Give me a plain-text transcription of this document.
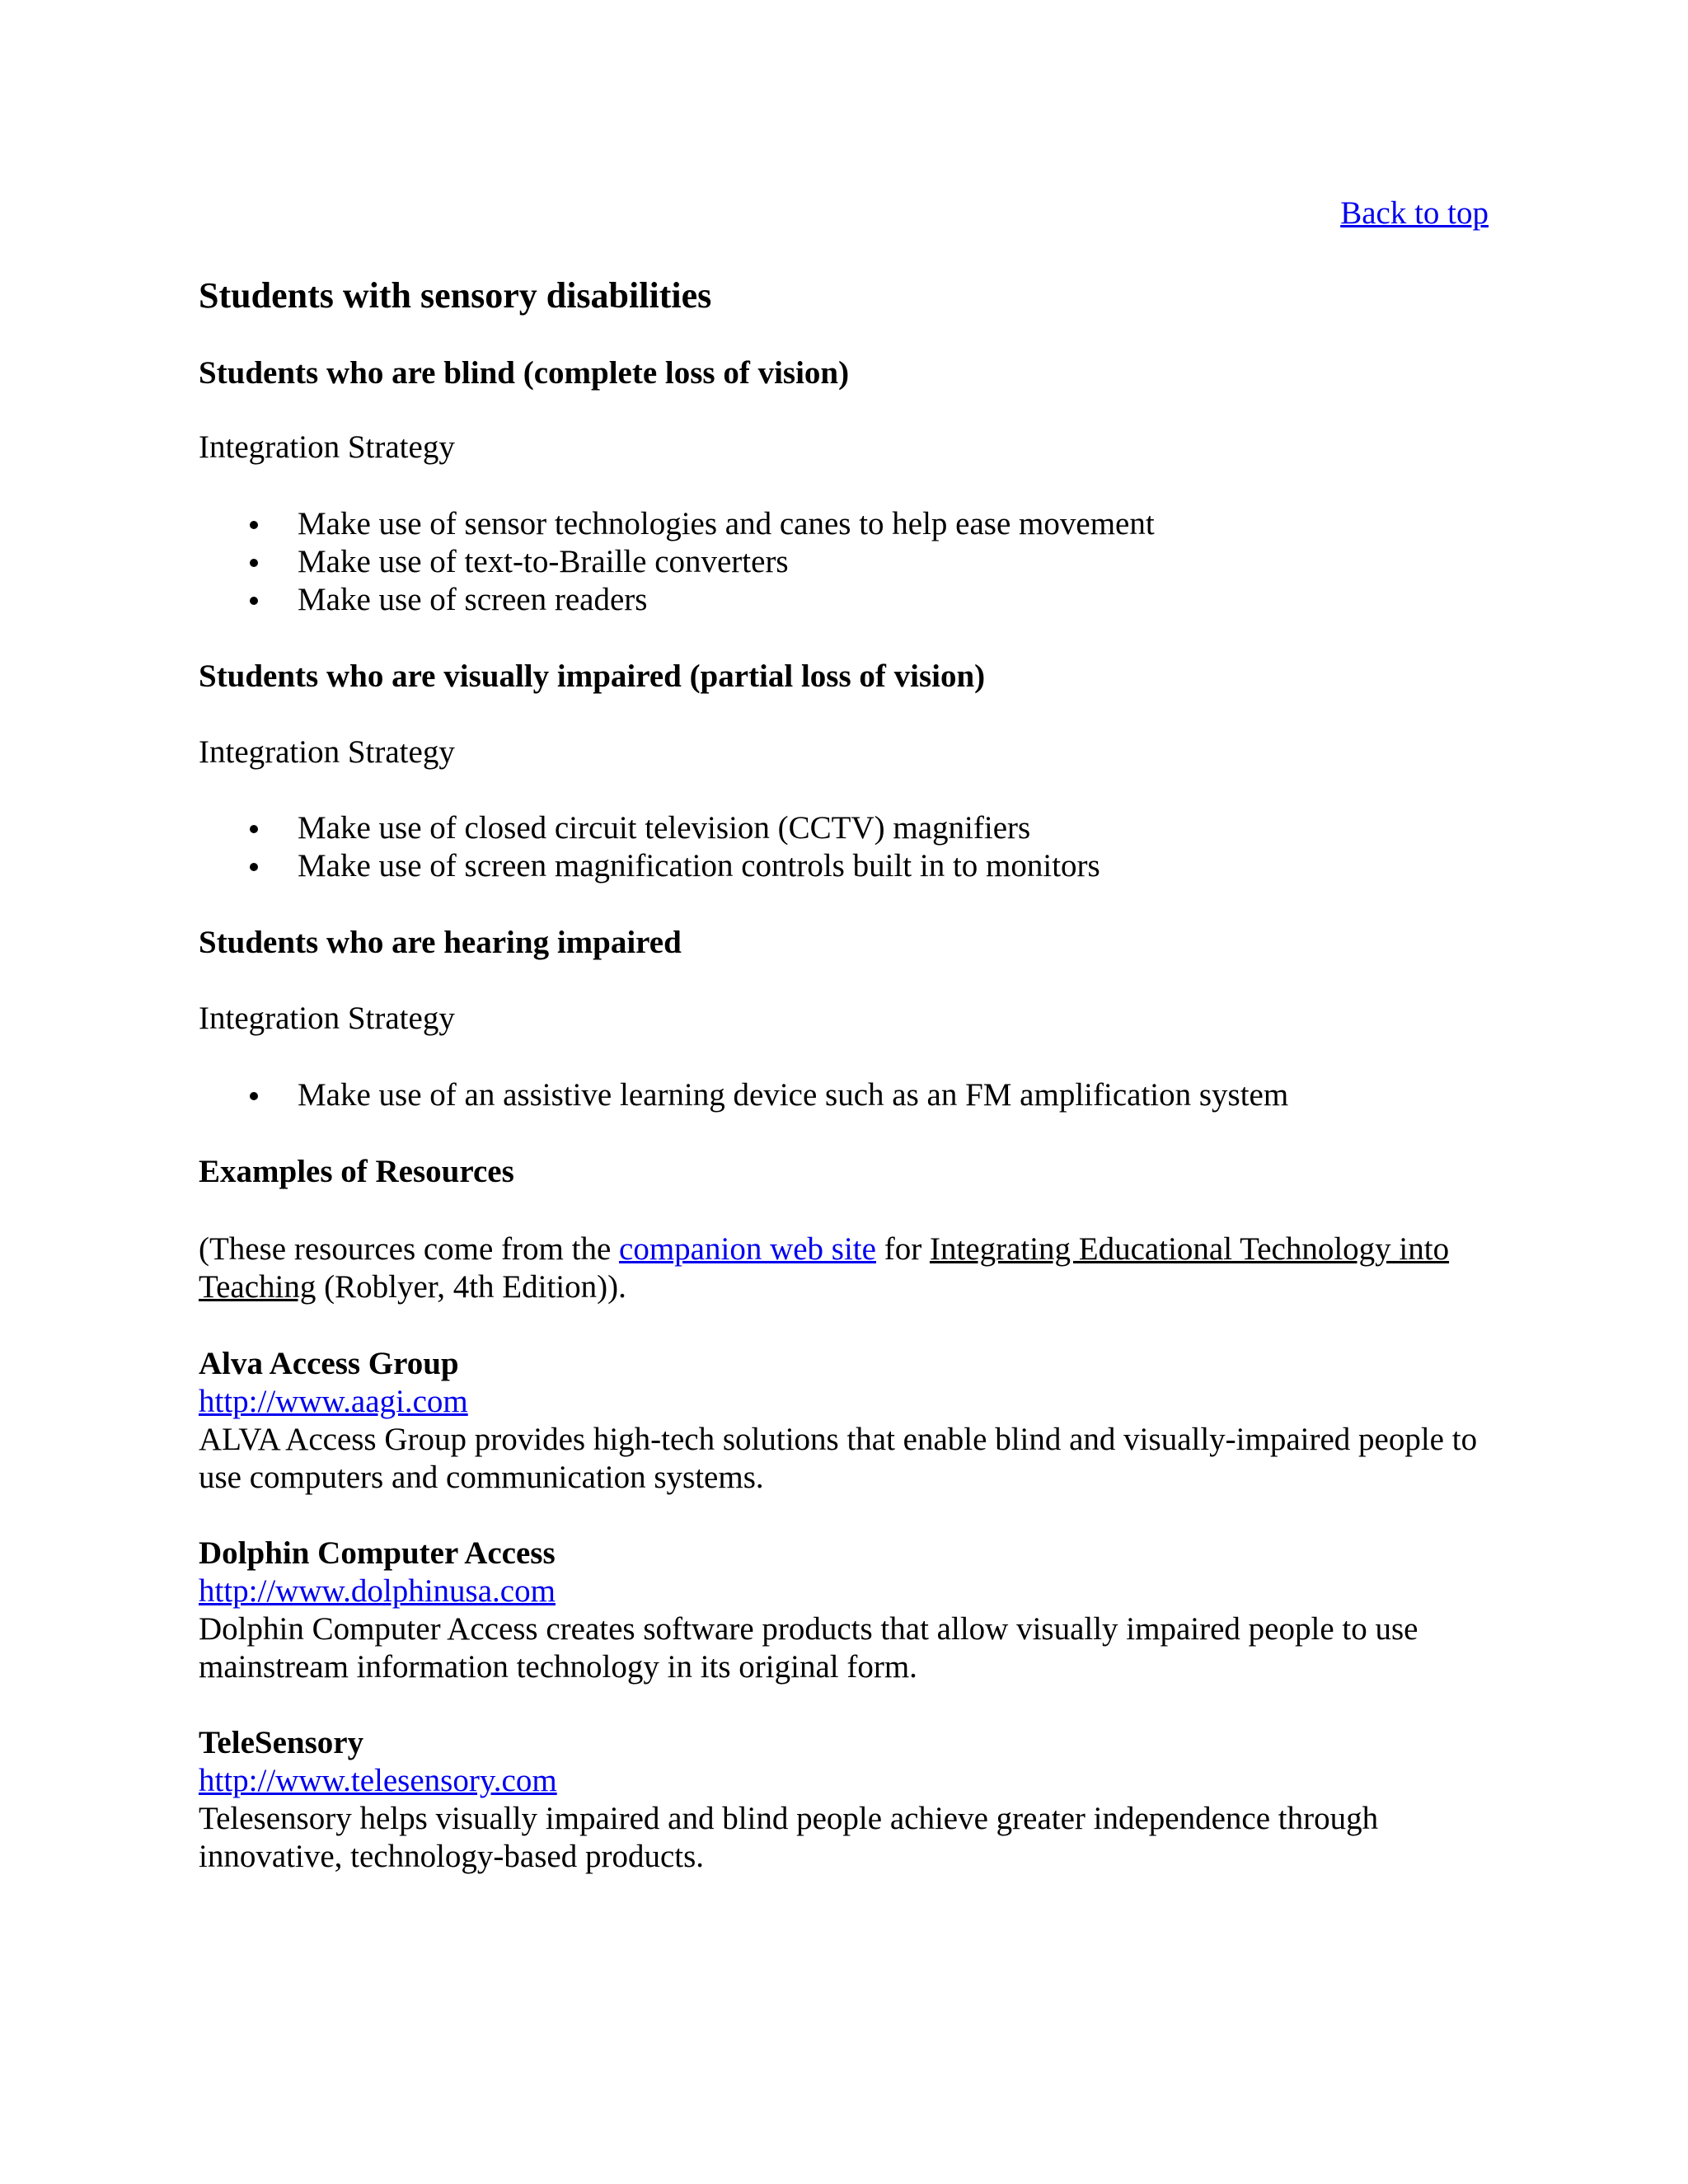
Back to top
Students with sensory disabilities
Students who are blind (complete loss of vision)

Integration Strategy

Make use of sensor technologies and canes to help ease movement
Make use of text-to-Braille converters
Make use of screen readers
Students who are visually impaired (partial loss of vision)

Integration Strategy

Make use of closed circuit television (CCTV) magnifiers
Make use of screen magnification controls built in to monitors
Students who are hearing impaired

Integration Strategy

Make use of an assistive learning device such as an FM amplification system
Examples of Resources

(These resources come from the companion web site for Integrating Educational Technology into Teaching (Roblyer, 4th Edition)).

Alva Access Group
http://www.aagi.com
ALVA Access Group provides high-tech solutions that enable blind and visually-impaired people to use computers and communication systems.
Dolphin Computer Access
http://www.dolphinusa.com
Dolphin Computer Access creates software products that allow visually impaired people to use mainstream information technology in its original form.
TeleSensory
http://www.telesensory.com
Telesensory helps visually impaired and blind people achieve greater independence through innovative, technology-based products.
